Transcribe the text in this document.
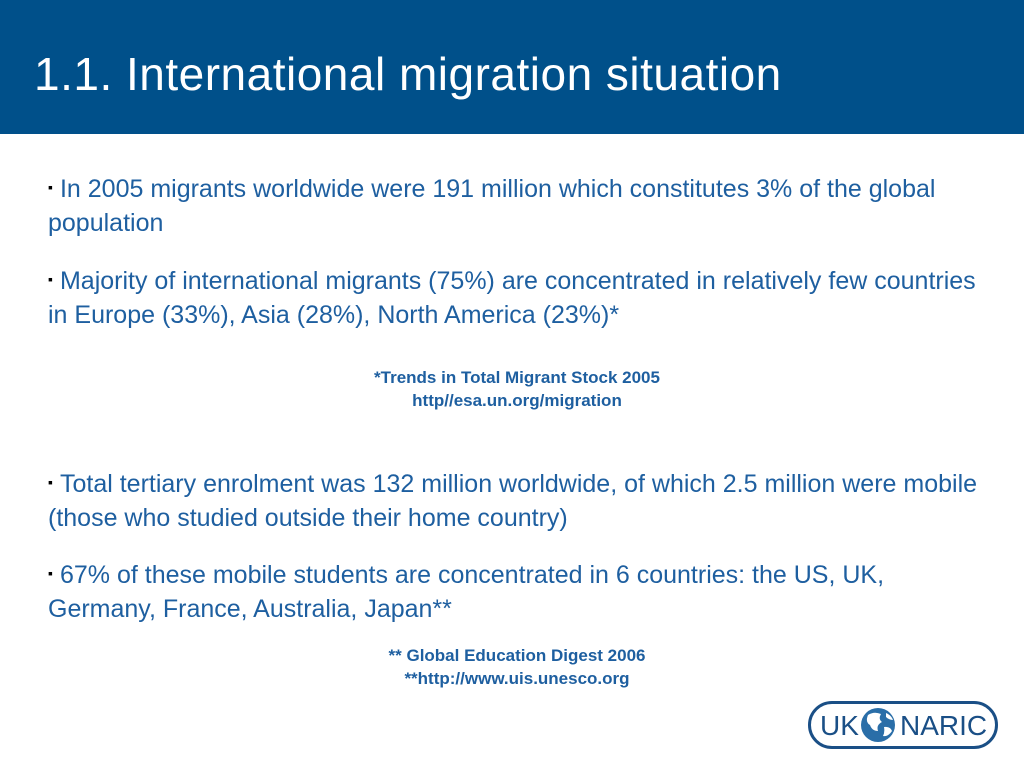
1.1. International migration situation
▪ In 2005 migrants worldwide were 191 million which constitutes 3% of the global population
▪ Majority of international migrants (75%) are concentrated in relatively few countries in Europe (33%), Asia (28%), North America (23%)*
*Trends in Total Migrant Stock 2005
http//esa.un.org/migration
▪ Total tertiary enrolment was 132 million worldwide, of which 2.5 million were mobile (those who studied outside their home country)
▪ 67% of these mobile students are concentrated in 6 countries: the US, UK, Germany, France, Australia, Japan**
** Global Education Digest 2006
**http://www.uis.unesco.org
UK NARIC
